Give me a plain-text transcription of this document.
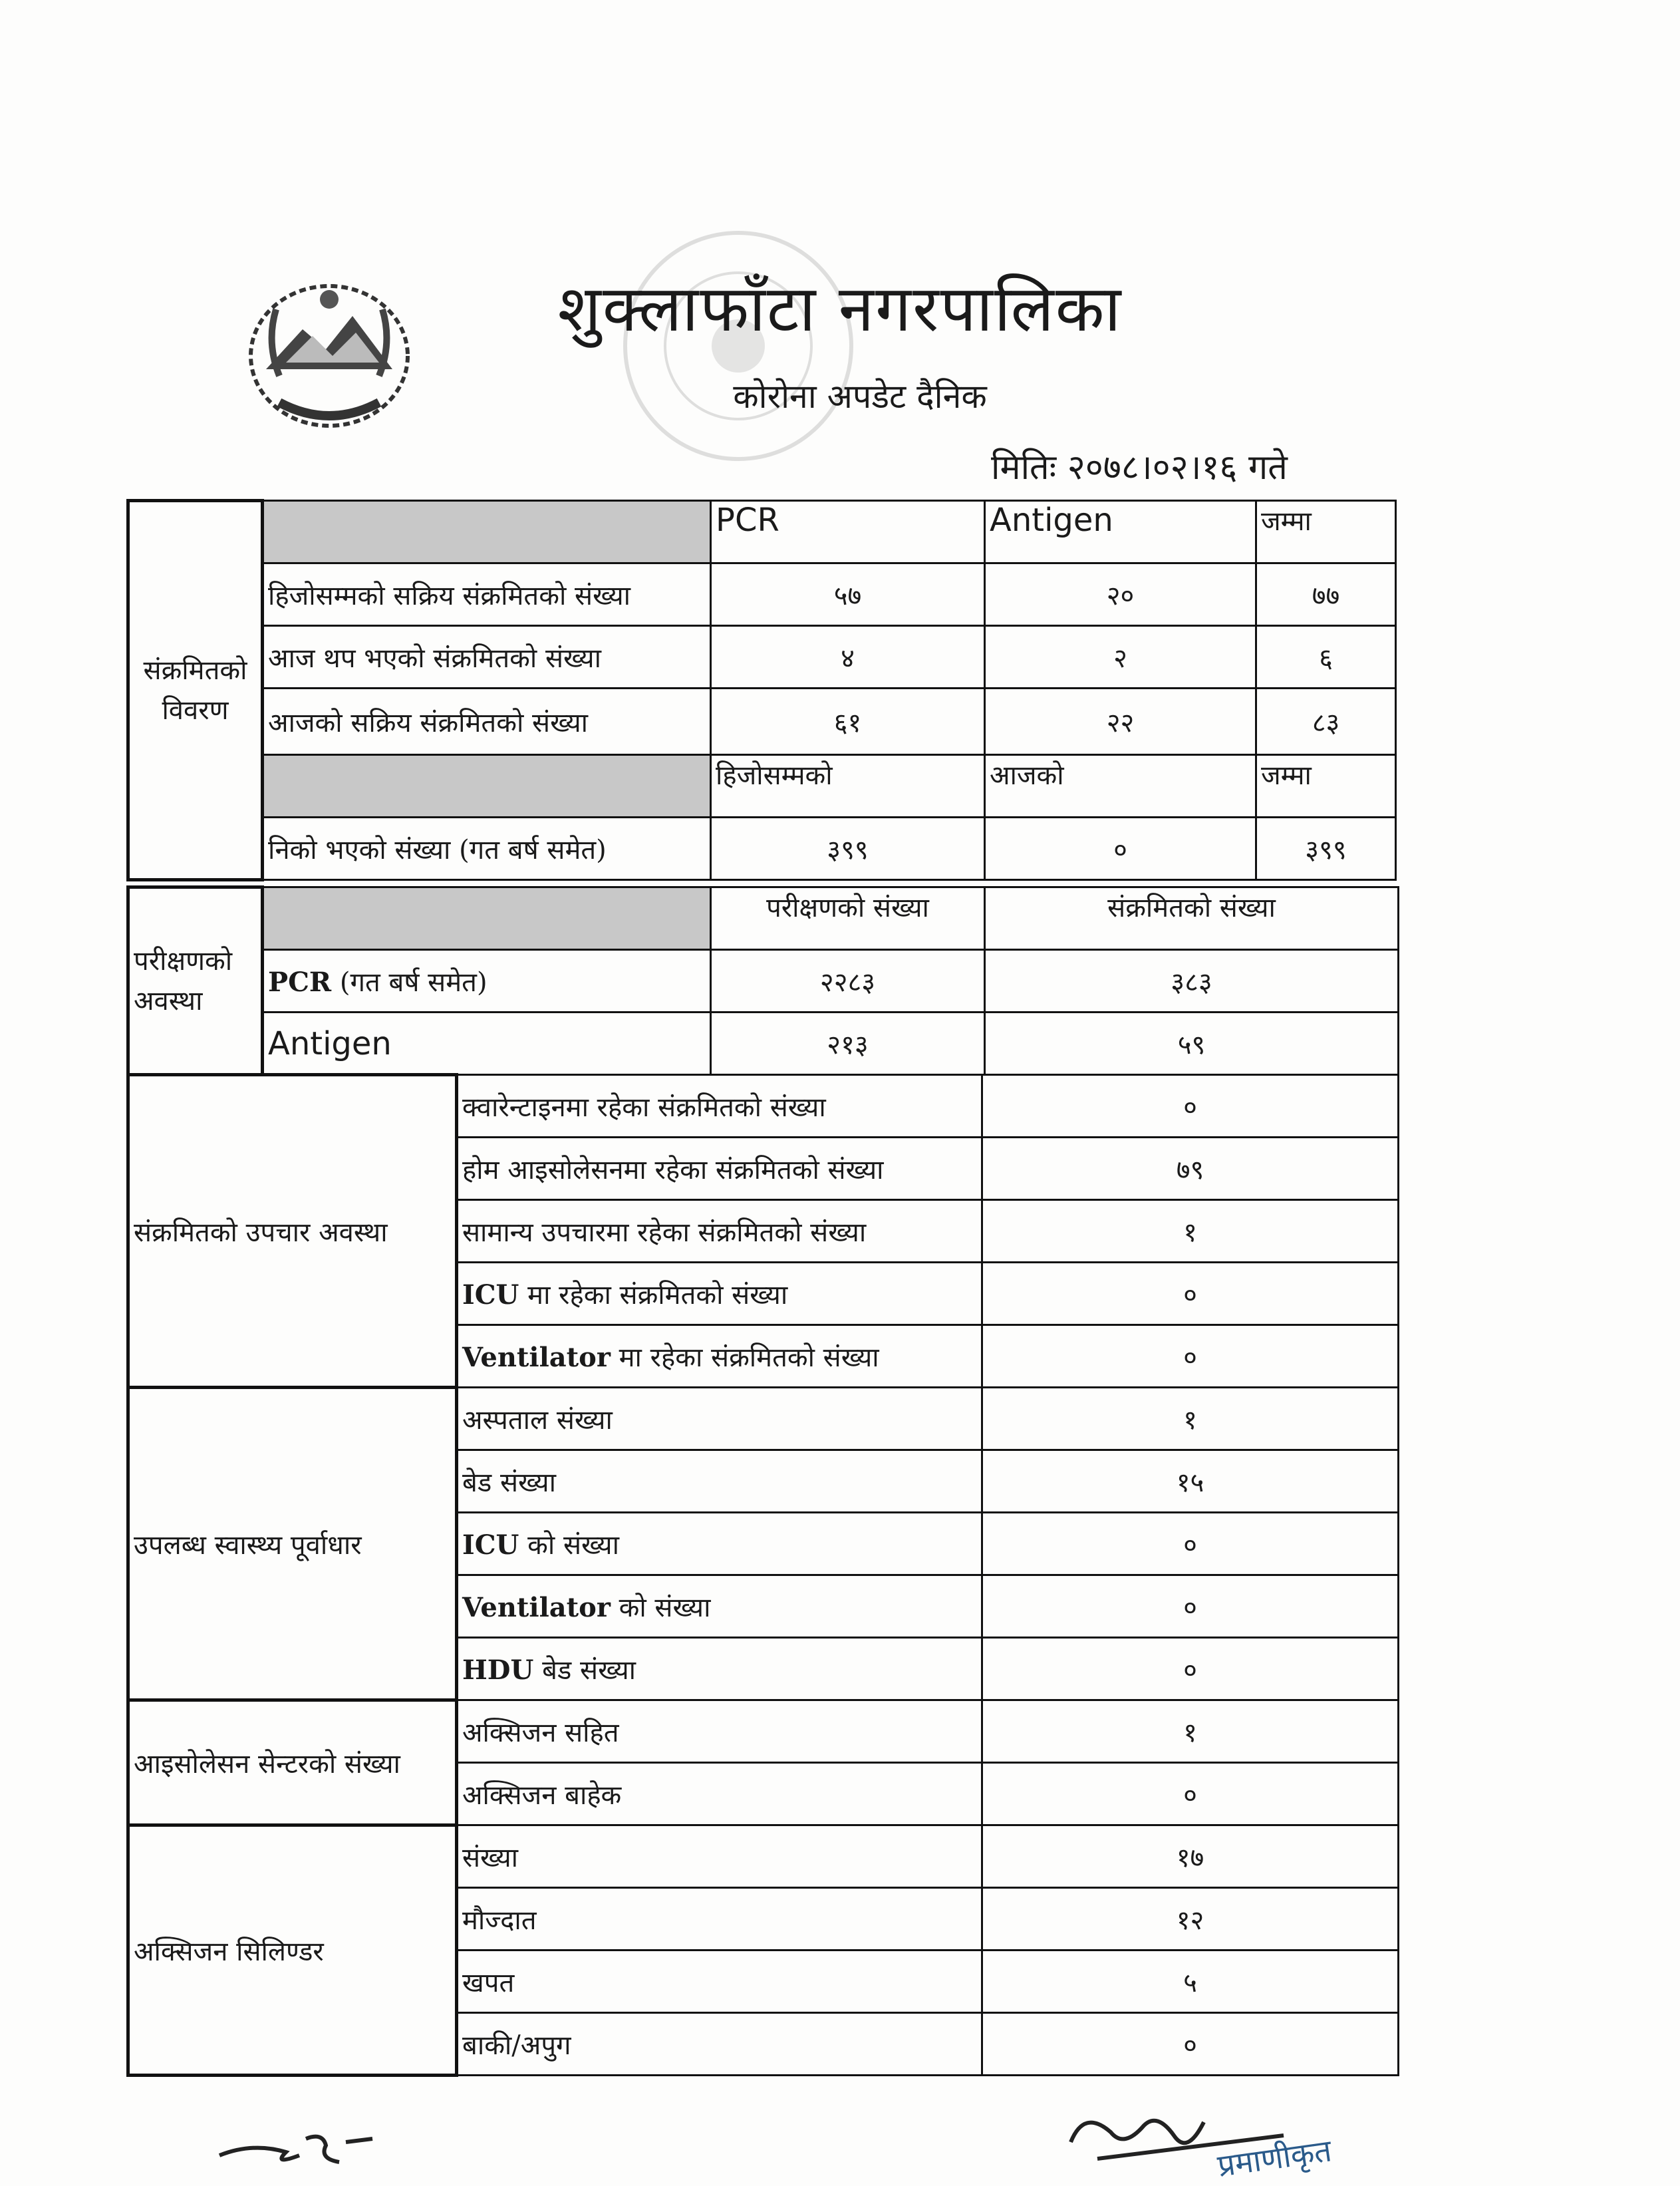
शुक्लाफाँटा नगरपालिका
कोरोना अपडेट दैनिक
मितिः २०७८।०२।१६ गते
संक्रमितको विवरण		PCR	Antigen	जम्मा
	हिजोसम्मको सक्रिय संक्रमितको संख्या	५७	२०	७७
	आज थप भएको संक्रमितको संख्या	४	२	६
	आजको सक्रिय संक्रमितको संख्या	६१	२२	८३
		हिजोसम्मको	आजको	जम्मा
	निको भएको संख्या (गत बर्ष समेत)	३९९	०	३९९
परीक्षणको अवस्था		परीक्षणको संख्या	संक्रमितको संख्या
	PCR (गत बर्ष समेत)	२२८३	३८३
	Antigen	२१३	५९
संक्रमितको उपचार अवस्था	क्वारेन्टाइनमा रहेका संक्रमितको संख्या	०
	होम आइसोलेसनमा रहेका संक्रमितको संख्या	७९
	सामान्य उपचारमा रहेका संक्रमितको संख्या	१
	ICU मा रहेका संक्रमितको संख्या	०
	Ventilator मा रहेका संक्रमितको संख्या	०
उपलब्ध स्वास्थ्य पूर्वाधार	अस्पताल संख्या	१
	बेड संख्या	१५
	ICU को संख्या	०
	Ventilator को संख्या	०
	HDU बेड संख्या	०
आइसोलेसन सेन्टरको संख्या	अक्सिजन सहित	१
	अक्सिजन बाहेक	०
अक्सिजन सिलिण्डर	संख्या	१७
	मौज्दात	१२
	खपत	५
	बाकी/अपुग	०
प्रमाणीकृत
